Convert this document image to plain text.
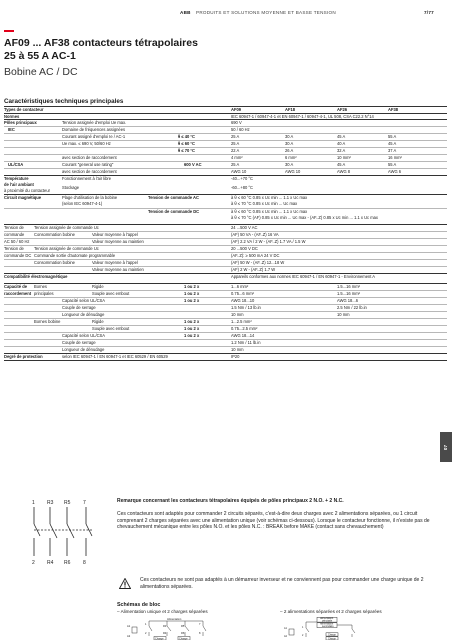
ABB PRODUITS ET SOLUTIONS MOYENNE ET BASSE TENSION	7/77
AF09 ... AF38 contacteurs tétrapolaires
25 à 55 A AC-1
Bobine AC / DC
Caractéristiques techniques principales
Types de contacteur	AF09	AF18	AF26	AF38
Normes	IEC 60947-1 / 60947-4-1 et EN 60947-1 / 60947-4-1, UL 508, CSA C22.2 N°14
Pôles principaux	Tension assignée d'emploi Ue max.	690 V
IEC	Domaine de fréquences assignées	50 / 60 Hz
Courant assigné d'emploi Ie / AC-1	θ ≤ 40 °C	25 A	30 A	45 A	55 A
Ue max. ≤ 690 V, 50/60 Hz	θ ≤ 60 °C	25 A	30 A	40 A	45 A
θ ≤ 70 °C	22 A	26 A	32 A	37 A
avec section de raccordement	4 mm²	6 mm²	10 mm²	16 mm²
UL/CSA	Courant "general use rating"	600 V AC	25 A	30 A	45 A	55 A
avec section de raccordement	AWG 10	AWG 10	AWG 8	AWG 6
Température	Fonctionnement à l'air libre	-40...+70 °C
de l'air ambiant
à proximité du contacteur
Stockage	-60...+80 °C
Circuit magnétique	Plage d'utilisation de la bobine	Tension de commande AC	à θ ≤ 60 °C 0.85 x Uc min ... 1.1 x Uc max
(selon IEC 60947-4-1)	à θ ≤ 70 °C 0.85 x Uc min ... Uc max
Tension de commande DC	à θ ≤ 60 °C 0.85 x Uc min ... 1.1 x Uc max
à θ ≤ 70 °C (AF) 0.85 x Uc min ... Uc max - (AF..Z) 0.85 x Uc min ... 1.1 x Uc max
Tension de Tension assignée de commande Uc	24 ...500 V AC
commande Consommation bobine	Valeur moyenne à l'appel	(AF) 50 VA - (AF..Z) 16 VA
AC 50 / 60 Hz	Valeur moyenne au maintien	(AF) 2.2 VA / 2 W - (AF..Z) 1.7 VA / 1.5 W
Tension de Tension assignée de commande Uc	20 ...500 V DC
commande DC Commande sortie d'automate programmable	(AF..Z): ≥ 500 mA 24 V DC
Consommation bobine	Valeur moyenne à l'appel	(AF) 50 W - (AF..Z) 12...18 W
Valeur moyenne au maintien	(AF) 2 W - (AF..Z) 1.7 W
Compatibilité électromagnétique	Appareils conformes aux normes IEC 60947-1 / EN 60947-1 - Environnement A
Capacité de Bornes	Rigide	1 ou 2 x	1...6 mm²	1.5...16 mm²
raccordement principales	Souple avec embout	1 ou 2 x	0.75...6 mm²	1.5...16 mm²
Capacité selon UL/CSA	1 ou 2 x	AWG 18...10	AWG 18...6
Couple de serrage	1.5 Nm / 13 lb.in	2.5 Nm / 22 lb.in
Longueur de dénudage	10 mm	10 mm
Bornes bobine	Rigide	1 ou 2 x	1...2.5 mm²
Souple avec embout	1 ou 2 x	0.75...2.5 mm²
Capacité selon UL/CSA	1 ou 2 x	AWG 18...14
Couple de serrage	1.2 Nm / 11 lb.in
Longueur de dénudage	10 mm
Degré de protection	selon IEC 60947-1 / EN 60947-1 et IEC 60529 / EN 60529	IP20
07
1 R3 R5	7
2 R4 R6	8
Remarque concernant les contacteurs tétrapolaires équipés de pôles principaux 2 N.O. + 2 N.C.
Ces contacteurs sont adaptés pour commander 2 circuits séparés, c'est-à-dire deux charges avec 2 alimentations séparées, ou 1 circuit comprenant 2 charges séparées avec une alimentation unique (voir schémas ci-dessous). Lorsque le contacteur fonctionne, il n'existe pas de chevauchement mécanique entre les pôles N.O. et les pôles N.C. : BREAK before MAKE (contact sans chevauchement)
Ces contacteurs ne sont pas adaptés à un démarreur inverseur et ne conviennent pas pour commander une charge unique de 2 alimentations séparées.
Schémas de bloc
– Alimentation unique et 2 charges séparées	– 2 alimentations séparées et 2 charges séparées
Alimentation
A1
A2
1
2
R3
R4
R5
R6
7
8
Charge	Charge
Alimentation
principale
Alimentation
secondaire
A1
A2
1
2	Charge
Charge
